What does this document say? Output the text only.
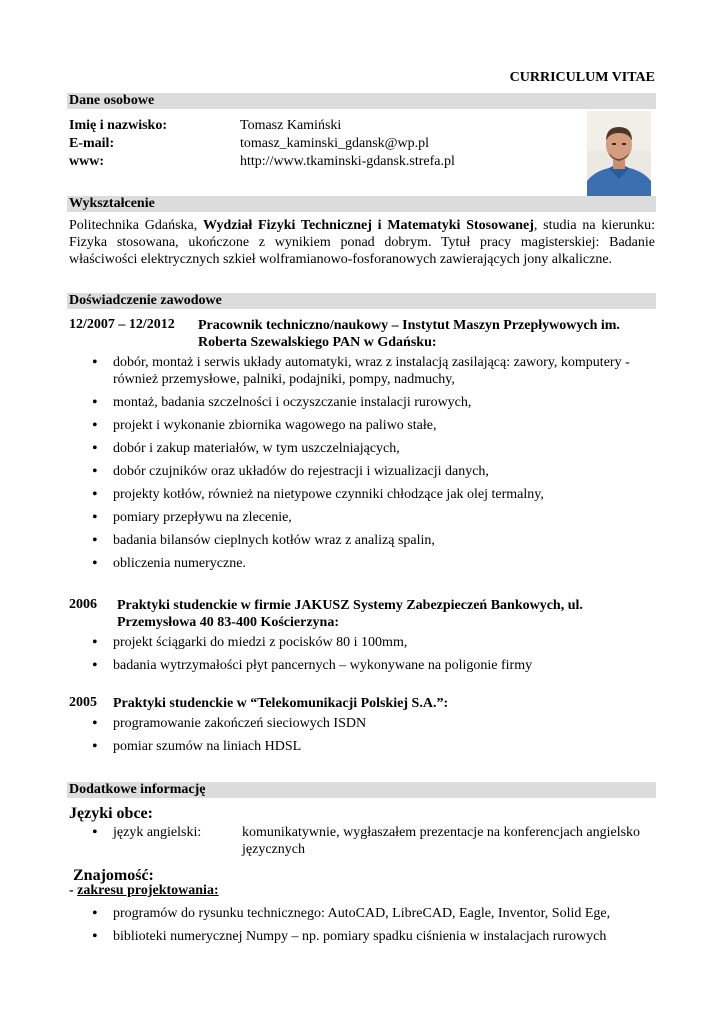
CURRICULUM VITAE
Dane osobowe
Imię i nazwisko:	Tomasz Kamiński
E-mail:	tomasz_kaminski_gdansk@wp.pl
www:	http://www.tkaminski-gdansk.strefa.pl
Wykształcenie
Politechnika Gdańska, Wydział Fizyki Technicznej i Matematyki Stosowanej, studia na kierunku: Fizyka stosowana, ukończone z wynikiem ponad dobrym. Tytuł pracy magisterskiej: Badanie właściwości elektrycznych szkieł wolframianowo-fosforanowych zawierających jony alkaliczne.
Doświadczenie zawodowe
12/2007 – 12/2012 Pracownik techniczno/naukowy – Instytut Maszyn Przepływowych im. Roberta Szewalskiego PAN w Gdańsku:
• dobór, montaż i serwis układy automatyki, wraz z instalacją zasilającą: zawory, komputery - również przemysłowe, palniki, podajniki, pompy, nadmuchy,
• montaż, badania szczelności i oczyszczanie instalacji rurowych,
• projekt i wykonanie zbiornika wagowego na paliwo stałe,
• dobór i zakup materiałów, w tym uszczelniających,
• dobór czujników oraz układów do rejestracji i wizualizacji danych,
• projekty kotłów, również na nietypowe czynniki chłodzące jak olej termalny,
• pomiary przepływu na zlecenie,
• badania bilansów cieplnych kotłów wraz z analizą spalin,
• obliczenia numeryczne.
2006 Praktyki studenckie w firmie JAKUSZ Systemy Zabezpieczeń Bankowych, ul. Przemysłowa 40 83-400 Kościerzyna:
• projekt ściągarki do miedzi z pocisków 80 i 100mm,
• badania wytrzymałości płyt pancernych – wykonywane na poligonie firmy
2005 Praktyki studenckie w “Telekomunikacji Polskiej S.A.”:
• programowanie zakończeń sieciowych ISDN
• pomiar szumów na liniach HDSL
Dodatkowe informację
Języki obce:
• język angielski:	komunikatywnie, wygłaszałem prezentacje na konferencjach angielsko języcznych
Znajomość:
- zakresu projektowania:
• programów do rysunku technicznego: AutoCAD, LibreCAD, Eagle, Inventor, Solid Ege,
• biblioteki numerycznej Numpy – np. pomiary spadku ciśnienia w instalacjach rurowych
